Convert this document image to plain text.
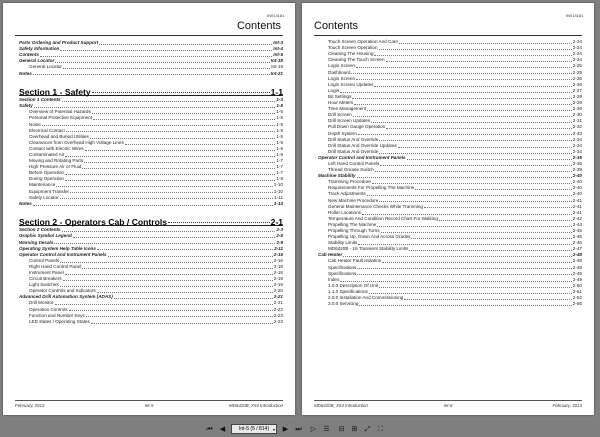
IN014181
Contents
Parts Ordering and Product Support	Int-3
Safety Information	Int-4
Contents	Int-5
General Locator	Int-18
General Locator	Int-18
Notes	Int-21
Section 1 - Safety	1-1
Section 1 Contents	1-3
Safety	1-5
Overview of Potential Hazards	1-5
Personal Protective Equipment	1-5
Noise	1-5
Electrical Contact	1-5
Overhead and Buried Utilities	1-5
Clearances from Overhead High Voltage Lines	1-6
Contact with Electric Wires	1-6
Contaminated Air	1-6
Moving and Rotating Parts	1-7
High Pressure Air or Fluid	1-7
Before Operation	1-7
During Operation	1-8
Maintenance	1-10
Equipment Transfer	1-10
Safety Locator	1-11
Notes	1-14
Section 2 - Operators Cab / Controls	2-1
Section 2 Contents	2-3
Graphic Symbol Legend	2-5
Warning Decals	2-9
Operating System Help Table Icons	2-11
Operator Control and Instrument Panels	2-15
Control Panels	2-16
Right Hand Control Panel	2-18
Instrument Panel	2-18
Circuit Breakers	2-19
Light Switches	2-19
Operator Controls and Indicators	2-20
Advanced Drill Automation System (ADAS)	2-21
Drill Monitor	2-21
Operation Controls	2-22
Function and Number Keys	2-23
LED states / Operating States	2-23
February, 2013	Int-5	MD6420B_X54 Introduction
IN014181
Contents
Touch Screen Operation And Care	2-24
Touch Screen Operation	2-24
Cleaning The Housing	2-24
Cleaning The Touch Screen	2-24
Login Screen	2-25
Dashboard	2-25
Login Screen	2-25
Login Screen Updates	2-26
Login	2-27
Bit Settings	2-28
Hour Meters	2-29
Time Management	2-29
Drill Screen	2-30
Drill Screen Updates	2-31
Pull Down Gauge Operation	2-32
Depth System	2-33
Drill Status And Override	2-34
Drill Status And Override Updates	2-34
Drill Status And Override	2-34
Operator Control and Instrument Panels	2-35
Left Hand Control Panels	2-35
Thread Grease Switch	2-39
Machine Stability	2-40
Tramming Procedure	2-40
Requirements For Propelling The Machine	2-40
Track Adjustments	2-40
New Machine Procedure	2-41
General Maintenance Checks While Tramming	2-41
Roller Locations	2-41
Temperature And Condition Record Chart For Walking	2-42
Propelling The Machine	2-44
Propelling Through Turns	2-45
Propelling Up, Down And Across Grades	2-45
Stability Limits	2-46
MD6420B - 16 Transient Stability Limits	2-47
Cab Heater	2-48
Cab Heater Fault Isolation	2-48
Specifications	2-49
Specifications	2-49
Index	2-49
1.0.0 Description Of Unit	2-50
1.1.0 Specifications	2-51
2.0.0 Installation And Commissioning	2-52
3.0.0 Servicing	2-56
MD6420B_X54 Introduction	Int-6	February, 2013
⏮ ◀	Int-5 (5 / 814) ▾ ▶ ⏭ ▷ ☰ ⊟ ⊞ ⤢ ⛶
